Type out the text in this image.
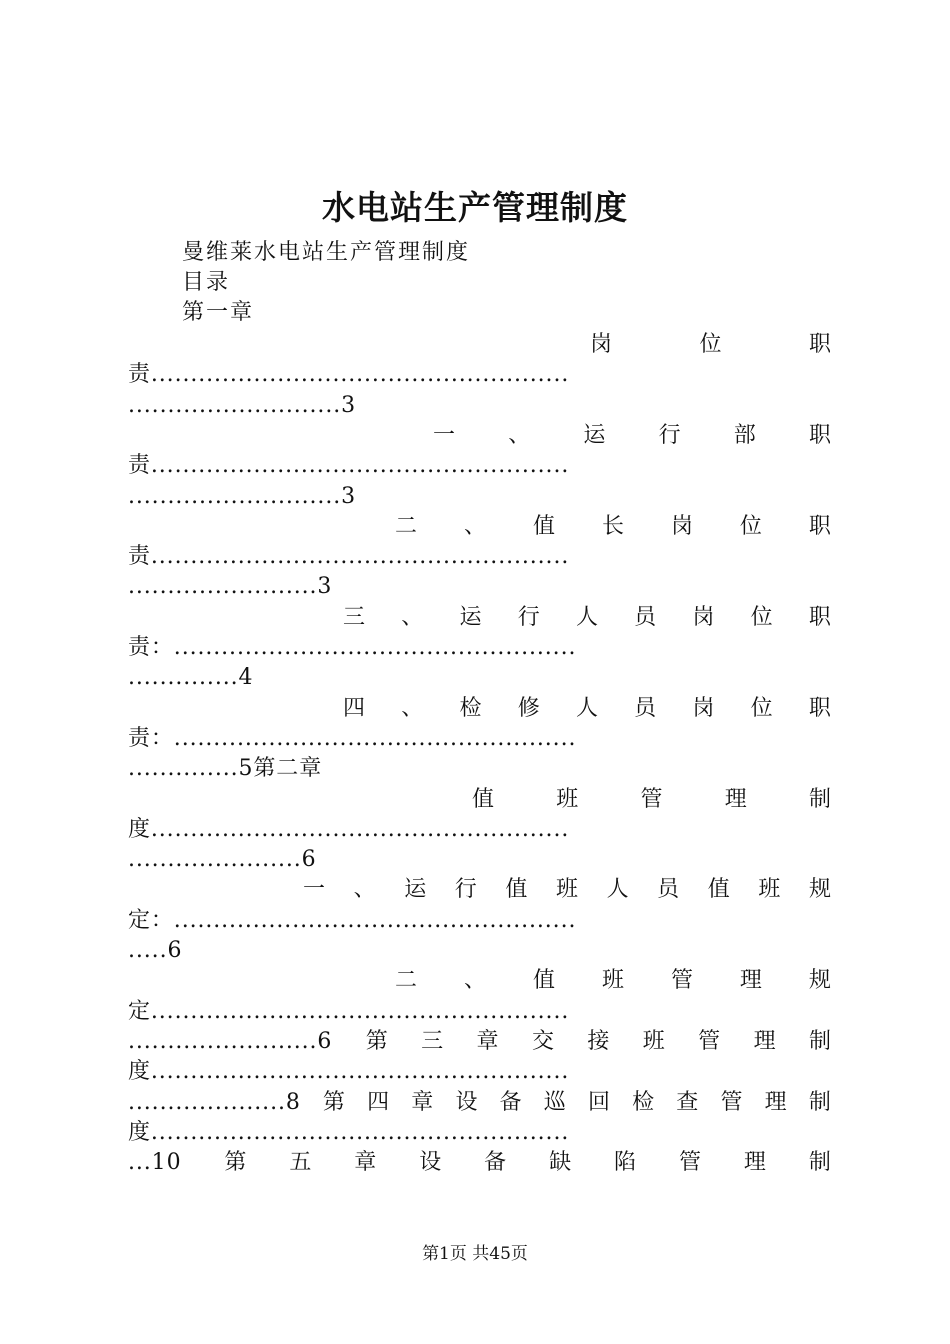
水电站生产管理制度
曼维莱水电站生产管理制度
目录
第一章
岗	位	职
责.....................................................
...........................3
一 、 运 行 部 职
责.....................................................
...........................3
二 、 值 长 岗 位 职
责.....................................................
........................3
三 、 运 行 人 员 岗 位 职
责：...................................................
..............4
四 、 检 修 人 员 岗 位 职
责：...................................................
..............5第二章
值	班	管	理	制
度.....................................................
......................6
一 、 运 行 值 班 人 员 值 班 规
定：...................................................
.....6
二 、 值 班 管 理 规
定.....................................................
........................6 第 三 章 交 接 班 管 理 制
度.....................................................
....................8 第 四 章 设 备 巡 回 检 查 管 理 制
度.....................................................
...10 第 五 章 设 备 缺 陷 管 理 制
第1页 共45页
